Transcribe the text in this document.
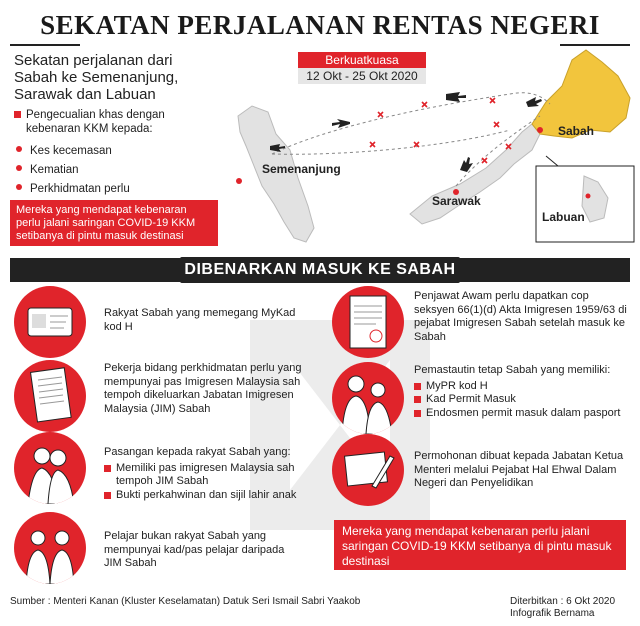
SEKATAN PERJALANAN RENTAS NEGERI
Sekatan perjalanan dari Sabah ke Semenanjung, Sarawak dan Labuan
Pengecualian khas dengan kebenaran KKM kepada:
Kes kecemasan
Kematian
Perkhidmatan perlu
Mereka yang mendapat kebenaran perlu jalani saringan COVID-19 KKM setibanya di pintu masuk destinasi
Berkuatkuasa
12 Okt - 25 Okt 2020
Semenanjung
Sarawak
Sabah
Labuan
DIBENARKAN MASUK KE SABAH
Rakyat Sabah yang memegang MyKad kod H
Pekerja bidang perkhidmatan perlu yang mempunyai pas Imigresen Malaysia sah tempoh dikeluarkan Jabatan Imigresen Malaysia (JIM) Sabah
Pasangan kepada rakyat Sabah yang:
Memiliki pas imigresen Malaysia sah tempoh JIM Sabah
Bukti perkahwinan dan sijil lahir anak
Pelajar bukan rakyat Sabah yang mempunyai kad/pas pelajar daripada JIM Sabah
Penjawat Awam perlu dapatkan cop seksyen 66(1)(d) Akta Imigresen 1959/63 di pejabat Imigresen Sabah setelah masuk ke Sabah
Pemastautin tetap Sabah yang memiliki:
MyPR kod H
Kad Permit Masuk
Endosmen permit masuk dalam pasport
Permohonan dibuat kepada Jabatan Ketua Menteri melalui Pejabat Hal Ehwal Dalam Negeri dan Penyelidikan
Mereka yang mendapat kebenaran perlu jalani saringan COVID-19 KKM setibanya di pintu masuk destinasi
Sumber : Menteri Kanan (Kluster Keselamatan) Datuk Seri Ismail Sabri Yaakob	Diterbitkan : 6 Okt 2020
Infografik Bernama
